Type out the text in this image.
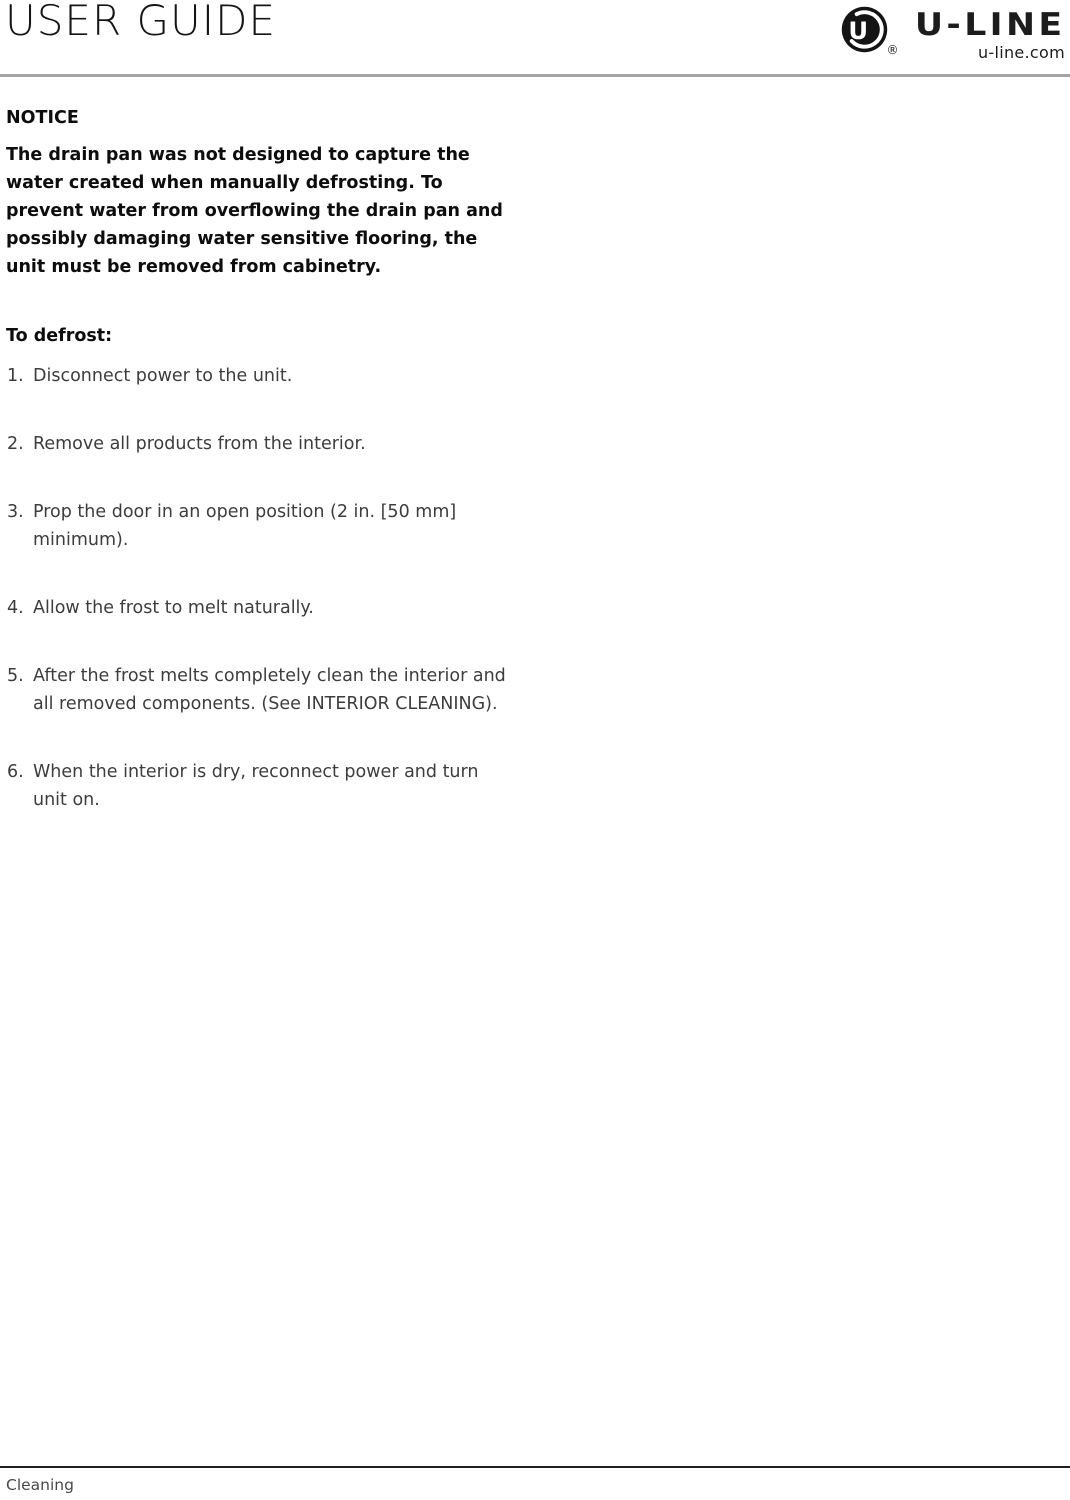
USER GUIDE	U
®
U-LINE
u-line.com
NOTICE

The drain pan was not designed to capture the water created when manually defrosting. To prevent water from overflowing the drain pan and possibly damaging water sensitive flooring, the unit must be removed from cabinetry.

To defrost:
Disconnect power to the unit.
Remove all products from the interior.
Prop the door in an open position (2 in. [50 mm] minimum).
Allow the frost to melt naturally.
After the frost melts completely clean the interior and all removed components. (See INTERIOR CLEANING).
When the interior is dry, reconnect power and turn unit on.
Cleaning
